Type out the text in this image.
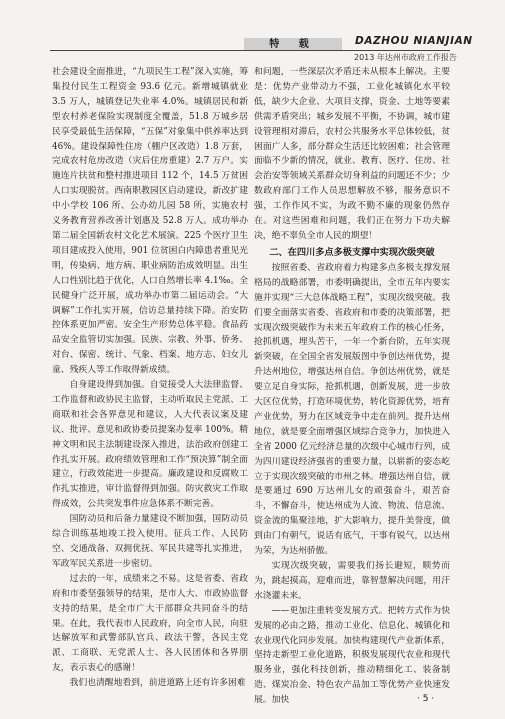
特 载	DAZHOU NIANJIAN
2013 年达州市政府工作报告

社会建设全面推进，“九项民生工程”深入实施，筹集投付民生工程资金 93.6 亿元。新增城镇就业 3.5 万人，城镇登记失业率 4.0%。城镇居民和新型农村养老保险实现制度全覆盖，51.8 万城乡居民享受最低生活保障，“五保”对象集中供养率达到 46%。建设保障性住房（棚户区改造）1.8 万套，完成农村危房改造（灾后住房重建）2.7 万户。实施连片扶贫和整村推进项目 112 个，14.5 万贫困人口实现脱贫。西南职教园区启动建设，新改扩建中小学校 106 所、公办幼儿园 58 所，实施农村义务教育营养改善计划惠及 52.8 万人。成功举办第二届全国新农村文化艺术展演。225 个医疗卫生项目建成投入使用，901 位贫困白内障患者重见光明，传染病、地方病、职业病防治成效明显。出生人口性别比趋于优化，人口自然增长率 4.1‰。全民健身广泛开展，成功举办市第二届运动会。“大调解”工作扎实开展，信访总量持续下降。治安防控体系更加严密。安全生产形势总体平稳。食品药品安全监管切实加强。民族、宗教、外事、侨务、对台、保密、统计、气象、档案、地方志、妇女儿童、残疾人等工作取得新成绩。

自身建设得到加强。自觉接受人大法律监督、工作监督和政协民主监督，主动听取民主党派、工商联和社会各界意见和建议，人大代表议案及建议、批评、意见和政协委员提案办复率 100%。精神文明和民主法制建设深入推进，法治政府创建工作扎实开展。政府绩效管理和工作“预决算”制全面建立，行政效能进一步提高。廉政建设和反腐败工作扎实推进，审计监督得到加强。防灾救灾工作取得成效，公共突发事件应急体系不断完善。

国防动员和后备力量建设不断加强，国防动员综合训练基地竣工投入使用。征兵工作、人民防空、交通战备、双拥优抚、军民共建等扎实推进，军政军民关系进一步密切。

过去的一年，成绩来之不易。这是省委、省政府和市委坚强领导的结果，是市人大、市政协监督支持的结果，是全市广大干部群众共同奋斗的结果。在此，我代表市人民政府，向全市人民，向驻达解放军和武警部队官兵、政法干警，各民主党派、工商联、无党派人士、各人民团体和各界朋友，表示衷心的感谢！

我们也清醒地看到，前进道路上还有许多困难

和问题，一些深层次矛盾还未从根本上解决。主要是：优势产业带动力不强，工业化城镇化水平较低，缺少大企业、大项目支撑，资金、土地等要素供需矛盾突出；城乡发展不平衡，不协调，城市建设管理相对滞后，农村公共服务水平总体较低，贫困面广人多，部分群众生活还比较困难；社会管理面临不少新的情况，就业、教育、医疗、住房、社会治安等领域关系群众切身利益的问题还不少；少数政府部门工作人员思想解放不够，服务意识不强，工作作风不实，为政不勤不廉的现象仍然存在。对这些困难和问题，我们正在努力下功夫解决，绝不辜负全市人民的期望！

二、在四川多点多极支撑中实现次级突破

按照省委、省政府着力构建多点多极支撑发展格局的战略部署，市委明确提出，全市五年内要实施并实现“三大总体战略工程”，实现次级突破。我们要全面落实省委、省政府和市委的决策部署，把实现次级突破作为未来五年政府工作的核心任务，抢抓机遇，埋头苦干，一年一个新台阶，五年实现新突破，在全国全省发展版图中争创达州优势，提升达州地位，增强达州自信。争创达州优势，就是要立足自身实际，抢抓机遇，创新发展，进一步放大区位优势，打造环境优势，转化资源优势，培育产业优势，努力在区域竞争中走在前列。提升达州地位，就是要全面增强区域综合竞争力，加快进入全省 2000 亿元经济总量的次级中心城市行列，成为四川建设经济强省的重要力量，以崭新的姿态屹立于实现次级突破的市州之林。增强达州自信，就是要通过 690 万达州儿女的顽强奋斗，艰苦奋斗，不懈奋斗，使达州成为人流、物流、信息流、资金流的集聚洼地，扩大影响力，提升美誉度，做到由门有朝气，说话有底气，干事有锐气，以达州为荣，为达州骄傲。

实现次级突破，需要我们扬长避短，顺势而为，跳起摸高，迎难而进，靠智慧解决问题，用汗水浇灌未来。

——更加注重转变发展方式。把转方式作为快发展的必由之路，推动工业化、信息化、城镇化和农业现代化同步发展。加快构建现代产业新体系，坚持走新型工业化道路，积极发展现代农业和现代服务业，强化科技创新，推动精细化工、装备制造、煤炭冶金、特色农产品加工等优势产业快速发展。加快	· 5 ·
